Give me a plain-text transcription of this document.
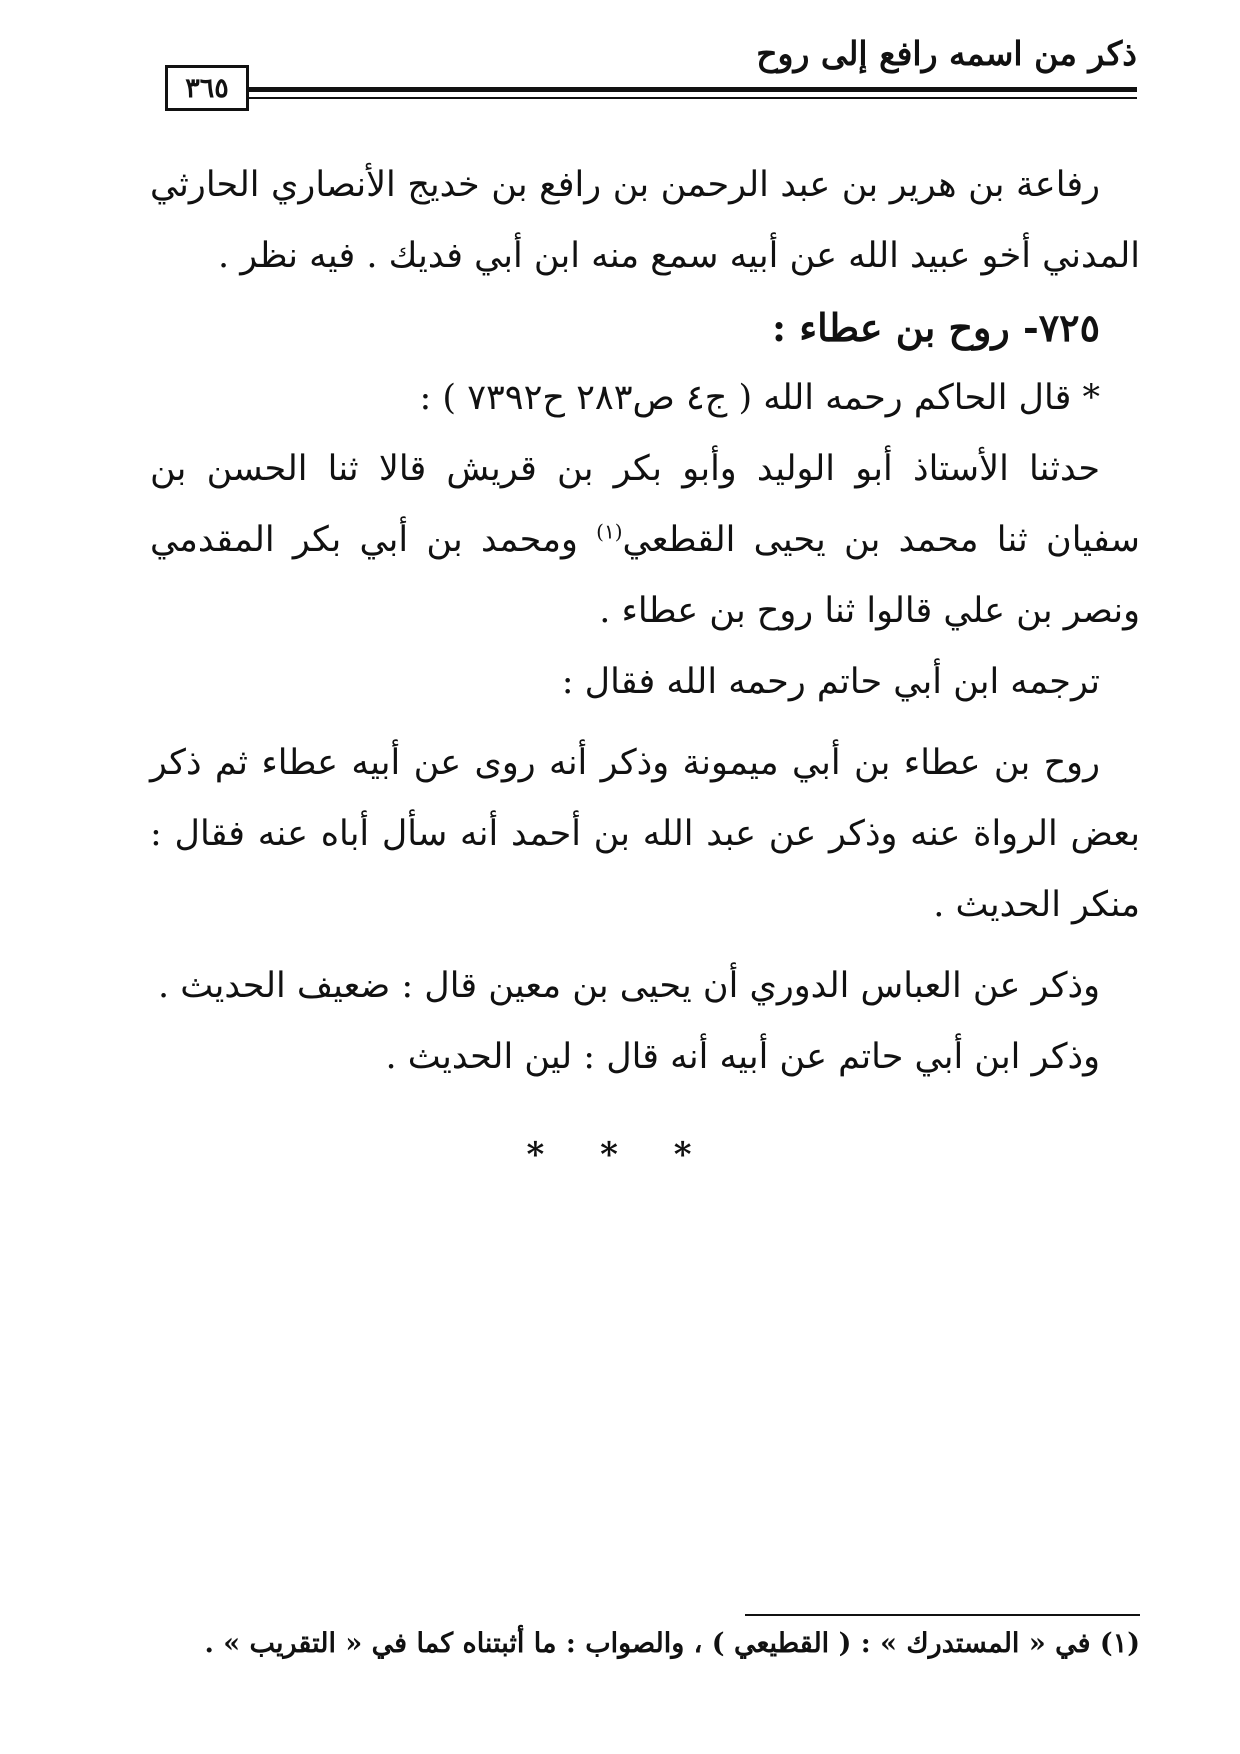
ذكر من اسمه رافع إلى روح
٣٦٥

رفاعة بن هرير بن عبد الرحمن بن رافع بن خديج الأنصاري الحارثي المدني أخو عبيد الله عن أبيه سمع منه ابن أبي فديك . فيه نظر .

٧٢٥- روح بن عطاء :

* قال الحاكم رحمه الله ( ج٤ ص٢٨٣ ح٧٣٩٢ ) :

حدثنا الأستاذ أبو الوليد وأبو بكر بن قريش قالا ثنا الحسن بن سفيان ثنا محمد بن يحيى القطعي$^{(١)}$ ومحمد بن أبي بكر المقدمي ونصر بن علي قالوا ثنا روح بن عطاء .

ترجمه ابن أبي حاتم رحمه الله فقال :

روح بن عطاء بن أبي ميمونة وذكر أنه روى عن أبيه عطاء ثم ذكر بعض الرواة عنه وذكر عن عبد الله بن أحمد أنه سأل أباه عنه فقال : منكر الحديث .

وذكر عن العباس الدوري أن يحيى بن معين قال : ضعيف الحديث .

وذكر ابن أبي حاتم عن أبيه أنه قال : لين الحديث .

* * *
(١) في « المستدرك » : ( القطيعي ) ، والصواب : ما أثبتناه كما في « التقريب » .
